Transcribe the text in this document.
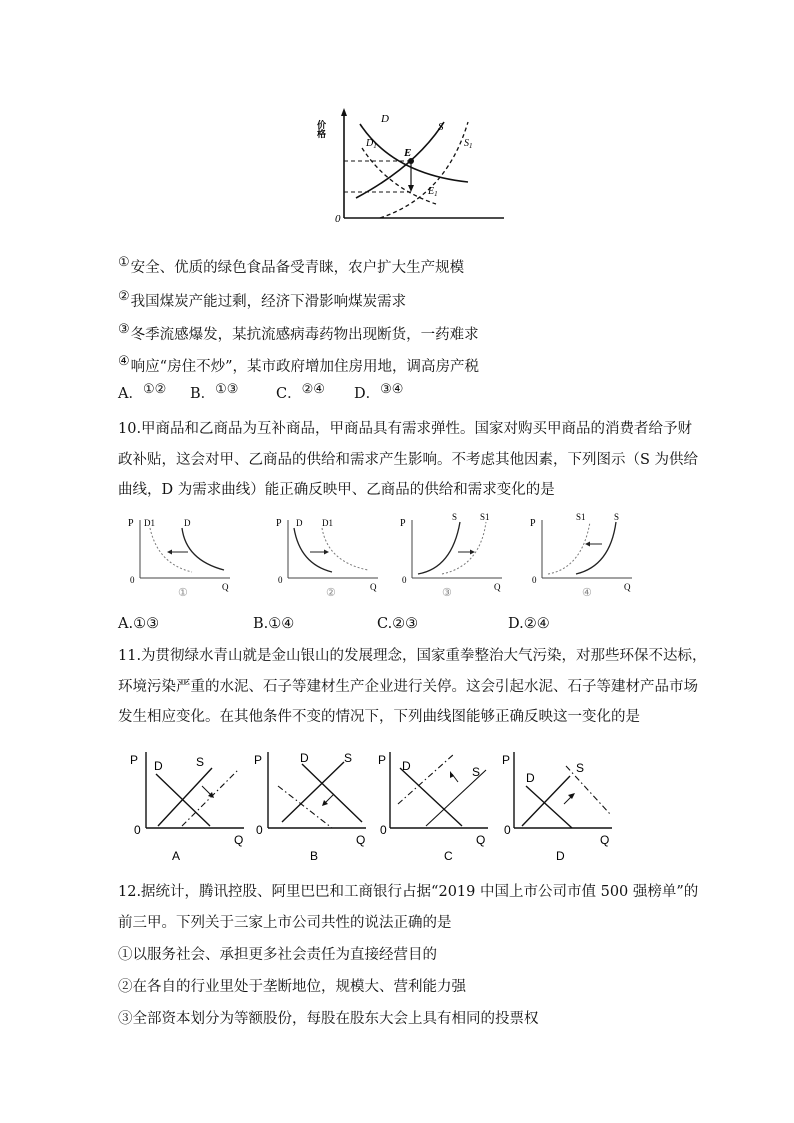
价格
0
D
S
$D_1$	$S_1$
E
$E_1$
①安全、优质的绿色食品备受青睐，农户扩大生产规模
②我国煤炭产能过剩，经济下滑影响煤炭需求
③冬季流感爆发，某抗流感病毒药物出现断货，一药难求
④响应“房住不炒”，某市政府增加住房用地，调高房产税
A．①② B．①③	C．②④ D．③④
10.甲商品和乙商品为互补商品，甲商品具有需求弹性。国家对购买甲商品的消费者给予财
政补贴，这会对甲、乙商品的供给和需求产生影响。不考虑其他因素，下列图示（S 为供给
曲线，D 为需求曲线）能正确反映甲、乙商品的供给和需求变化的是
P
Q
0
D1	D
①
P
Q
0
D D1
②
P
Q
0
S	S1
③
P
Q
0
S1	S
④
A.①③	B.①④	C.②③	D.②④
11.为贯彻绿水青山就是金山银山的发展理念，国家重拳整治大气污染，对那些环保不达标，
环境污染严重的水泥、石子等建材生产企业进行关停。这会引起水泥、石子等建材产品市场
发生相应变化。在其他条件不变的情况下，下列曲线图能够正确反映这一变化的是
P
Q
0
D	S
A
P
Q
0
D	S
B
P
Q
0
D	S
C
P
Q
0
D
S
D
12.据统计，腾讯控股、阿里巴巴和工商银行占据“2019 中国上市公司市值 500 强榜单”的
前三甲。下列关于三家上市公司共性的说法正确的是
①以服务社会、承担更多社会责任为直接经营目的
②在各自的行业里处于垄断地位，规模大、营利能力强
③全部资本划分为等额股份，每股在股东大会上具有相同的投票权
